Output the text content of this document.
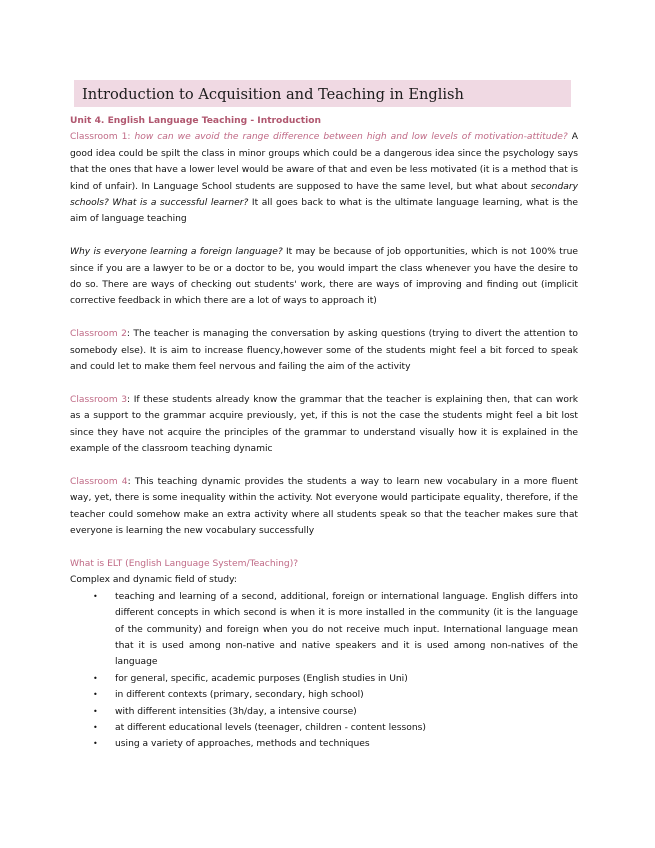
Introduction to Acquisition and Teaching in English

Unit 4. English Language Teaching - Introduction

Classroom 1: how can we avoid the range difference between high and low levels of motivation-attitude? A good idea could be spilt the class in minor groups which could be a dangerous idea since the psychology says that the ones that have a lower level would be aware of that and even be less motivated (it is a method that is kind of unfair). In Language School students are supposed to have the same level, but what about secondary schools? What is a successful learner? It all goes back to what is the ultimate language learning, what is the aim of language teaching

Why is everyone learning a foreign language? It may be because of job opportunities, which is not 100% true since if you are a lawyer to be or a doctor to be, you would impart the class whenever you have the desire to do so. There are ways of checking out students' work, there are ways of improving and finding out (implicit corrective feedback in which there are a lot of ways to approach it)

Classroom 2: The teacher is managing the conversation by asking questions (trying to divert the attention to somebody else). It is aim to increase fluency,however some of the students might feel a bit forced to speak and could let to make them feel nervous and failing the aim of the activity

Classroom 3: If these students already know the grammar that the teacher is explaining then, that can work as a support to the grammar acquire previously, yet, if this is not the case the students might feel a bit lost since they have not acquire the principles of the grammar to understand visually how it is explained in the example of the classroom teaching dynamic

Classroom 4: This teaching dynamic provides the students a way to learn new vocabulary in a more fluent way, yet, there is some inequality within the activity. Not everyone would participate equality, therefore, if the teacher could somehow make an extra activity where all students speak so that the teacher makes sure that everyone is learning the new vocabulary successfully

What is ELT (English Language System/Teaching)?

Complex and dynamic field of study:

• teaching and learning of a second, additional, foreign or international language. English differs into different concepts in which second is when it is more installed in the community (it is the language of the community) and foreign when you do not receive much input. International language mean that it is used among non-native and native speakers and it is used among non-natives of the language
• for general, specific, academic purposes (English studies in Uni)
• in different contexts (primary, secondary, high school)
• with different intensities (3h/day, a intensive course)
• at different educational levels (teenager, children - content lessons)
• using a variety of approaches, methods and techniques
